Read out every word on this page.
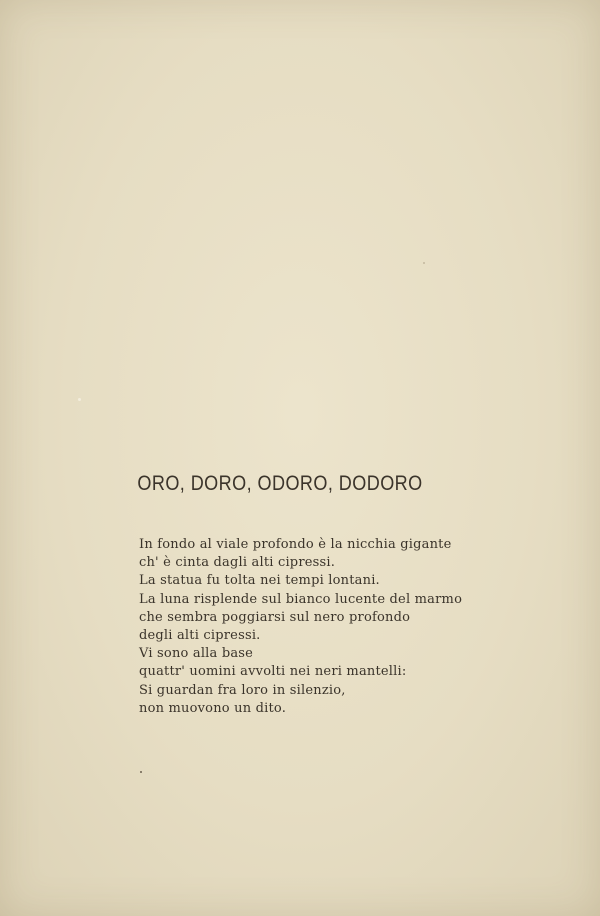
ORO, DORO, ODORO, DODORO
In fondo al viale profondo è la nicchia gigante
ch' è cinta dagli alti cipressi.
La statua fu tolta nei tempi lontani.
La luna risplende sul bianco lucente del marmo
che sembra poggiarsi sul nero profondo
degli alti cipressi.
Vi sono alla base
quattr' uomini avvolti nei neri mantelli:
Si guardan fra loro in silenzio,
non muovono un dito.
